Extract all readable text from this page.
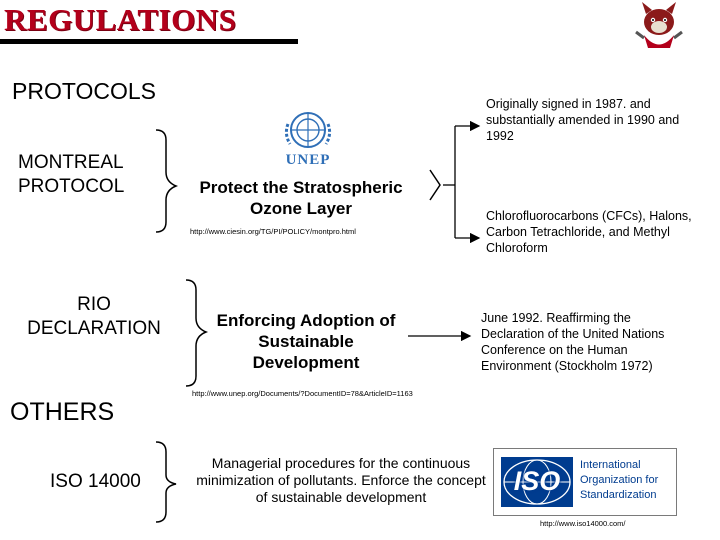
REGULATIONS
PROTOCOLS
MONTREAL
PROTOCOL
UNEP
Protect the Stratospheric
Ozone Layer
http://www.ciesin.org/TG/PI/POLICY/montpro.html
Originally signed in 1987. and substantially amended in 1990 and 1992
Chlorofluorocarbons (CFCs), Halons, Carbon Tetrachloride, and Methyl Chloroform
RIO
DECLARATION	Enforcing Adoption of
Sustainable
Development
June 1992. Reaffirming the Declaration of the United Nations Conference on the Human Environment (Stockholm 1972)
http://www.unep.org/Documents/?DocumentID=78&ArticleID=1163
OTHERS
ISO 14000
Managerial procedures for the continuous minimization of pollutants. Enforce the concept of sustainable development
ISO
International
Organization for
Standardization
http://www.iso14000.com/
